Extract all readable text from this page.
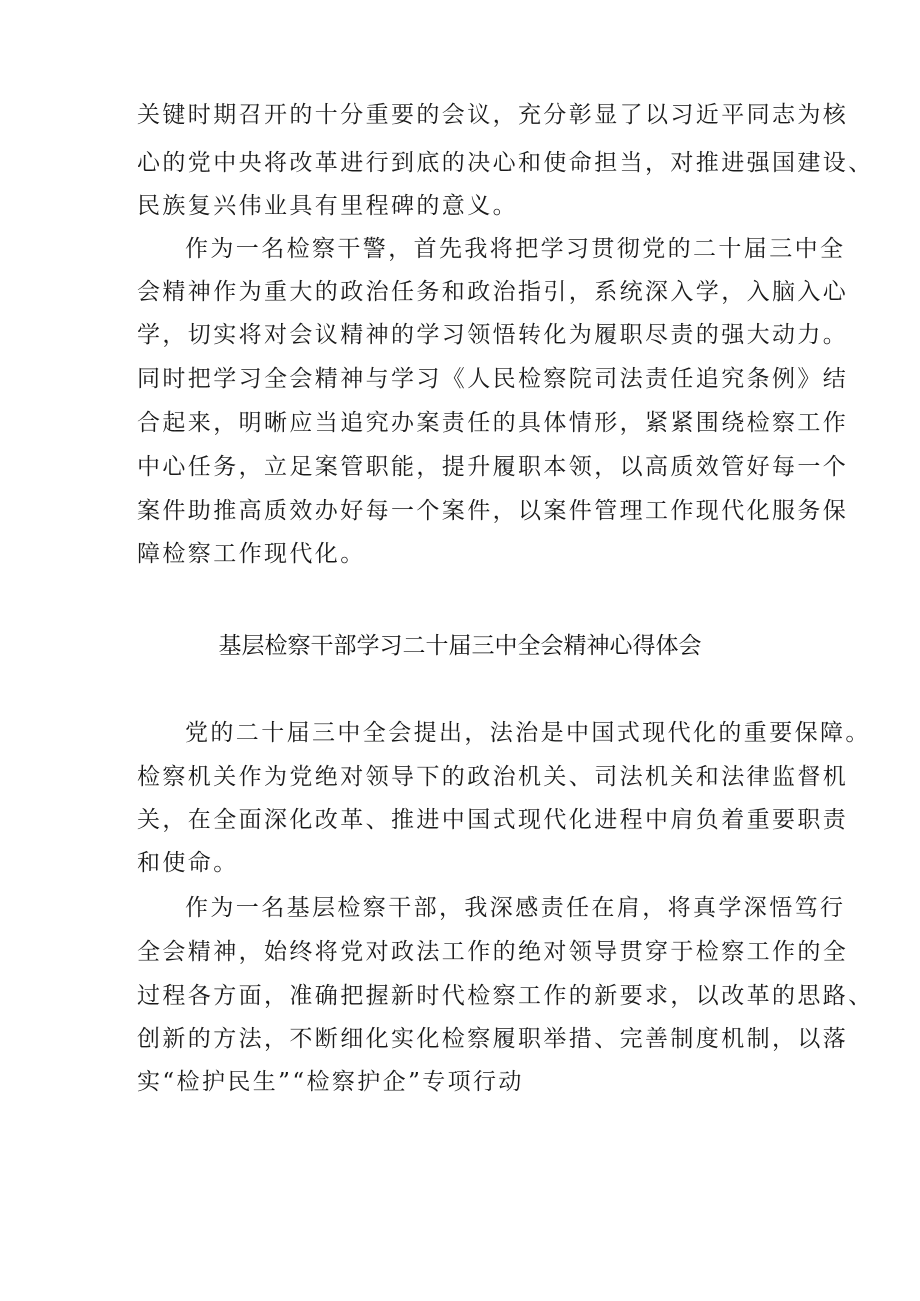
关键时期召开的十分重要的会议，充分彰显了以习近平同志为核
心的党中央将改革进行到底的决心和使命担当，对推进强国建设、
民族复兴伟业具有里程碑的意义。
作为一名检察干警，首先我将把学习贯彻党的二十届三中全
会精神作为重大的政治任务和政治指引，系统深入学，入脑入心
学，切实将对会议精神的学习领悟转化为履职尽责的强大动力。
同时把学习全会精神与学习《人民检察院司法责任追究条例》结
合起来，明晰应当追究办案责任的具体情形，紧紧围绕检察工作
中心任务，立足案管职能，提升履职本领，以高质效管好每一个
案件助推高质效办好每一个案件，以案件管理工作现代化服务保
障检察工作现代化。
基层检察干部学习二十届三中全会精神心得体会
党的二十届三中全会提出，法治是中国式现代化的重要保障。
检察机关作为党绝对领导下的政治机关、司法机关和法律监督机
关，在全面深化改革、推进中国式现代化进程中肩负着重要职责
和使命。
作为一名基层检察干部，我深感责任在肩，将真学深悟笃行
全会精神，始终将党对政法工作的绝对领导贯穿于检察工作的全
过程各方面，准确把握新时代检察工作的新要求，以改革的思路、
创新的方法，不断细化实化检察履职举措、完善制度机制，以落
实“检护民生”“检察护企”专项行动
